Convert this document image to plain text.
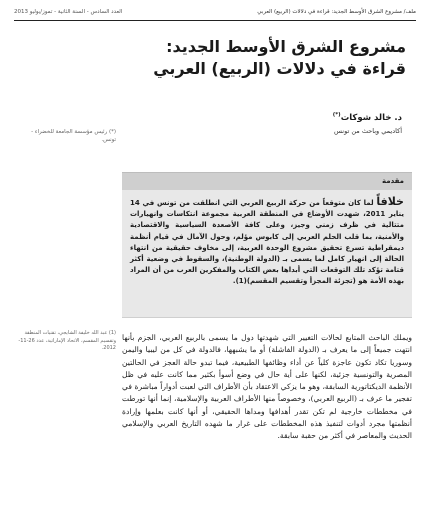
العدد السادس - السنة الثانية - تموز/يوليو 2013	ملف/ مشروع الشرق الأوسط الجديد: قراءة في دلالات (الربيع) العربي
مشروع الشرق الأوسط الجديد:
قراءة في دلالات (الربيع) العربي
د. خالد شوكات(*)
أكاديمي وباحث من تونس
(*) رئيس مؤسسة الجامعة للخضراء - تونس.
مقدمة
خلافاً لما كان متوقعاً من حركة الربيع العربي التي انطلقت من تونس في 14 يناير 2011، شهدت الأوضاع في المنطقة العربية مجموعة انتكاسات وانهيارات متتالية في ظرف زمني وجيز، وعلى كافة الأصعدة السياسية والاقتصادية والأمنية، بما قلب الحلم العربي إلى كابوس مؤلم، وحول الآمال في قيام أنظمة ديمقراطية تسرع تحقيق مشروع الوحدة العربية، إلى مخاوف حقيقية من انتهاء الحالة إلى انهيار كامل لما يسمى بـ (الدولة الوطنية)، والسقوط في وضعية أكثر قتامة تؤكد تلك التوقعات التي أبداها بعض الكتاب والمفكرين العرب من أن المراد بهذه الأمة هو (تجزئة المجزأ وتقسيم المقسم)(1).
(1) عبد الله خليفة الشايجي، تقنيات المنطقة وتقسيم المقسم، الاتحاد الإماراتية، عدد 26-11-2012.
ويملك الباحث المتابع لحالات التغيير التي شهدتها دول ما يسمى بالربيع العربي، الجزم بأنها انتهت جميعاً إلى ما يعرف بـ (الدولة الفاشلة) أو ما يشبهها، فالدولة في كل من ليبيا واليمن وسوريا تكاد تكون عاجزة كلياً عن أداء وظائفها الطبيعية، فيما تبدو حالة العجز في الحالتين المصرية والتونسية جزئية، لكنها على أية حال في وضع أسوأ بكثير مما كانت عليه في ظل الأنظمة الديكتاتورية السابقة، وهو ما يزكي الاعتقاد بأن الأطراف التي لعبت أدواراً مباشرة في تفجير ما عرف بـ (الربيع العربي)، وخصوصاً منها الأطراف العربية والإسلامية، إنما أنها تورطت في مخططات خارجية لم تكن تقدر أهدافها ومداها الحقيقي، أو أنها كانت بعلمها وإرادة أنظمتها مجرد أدوات لتنفيذ هذه المخططات على غرار ما شهده التاريخ العربي والإسلامي الحديث والمعاصر في أكثر من حقبة سابقة.
